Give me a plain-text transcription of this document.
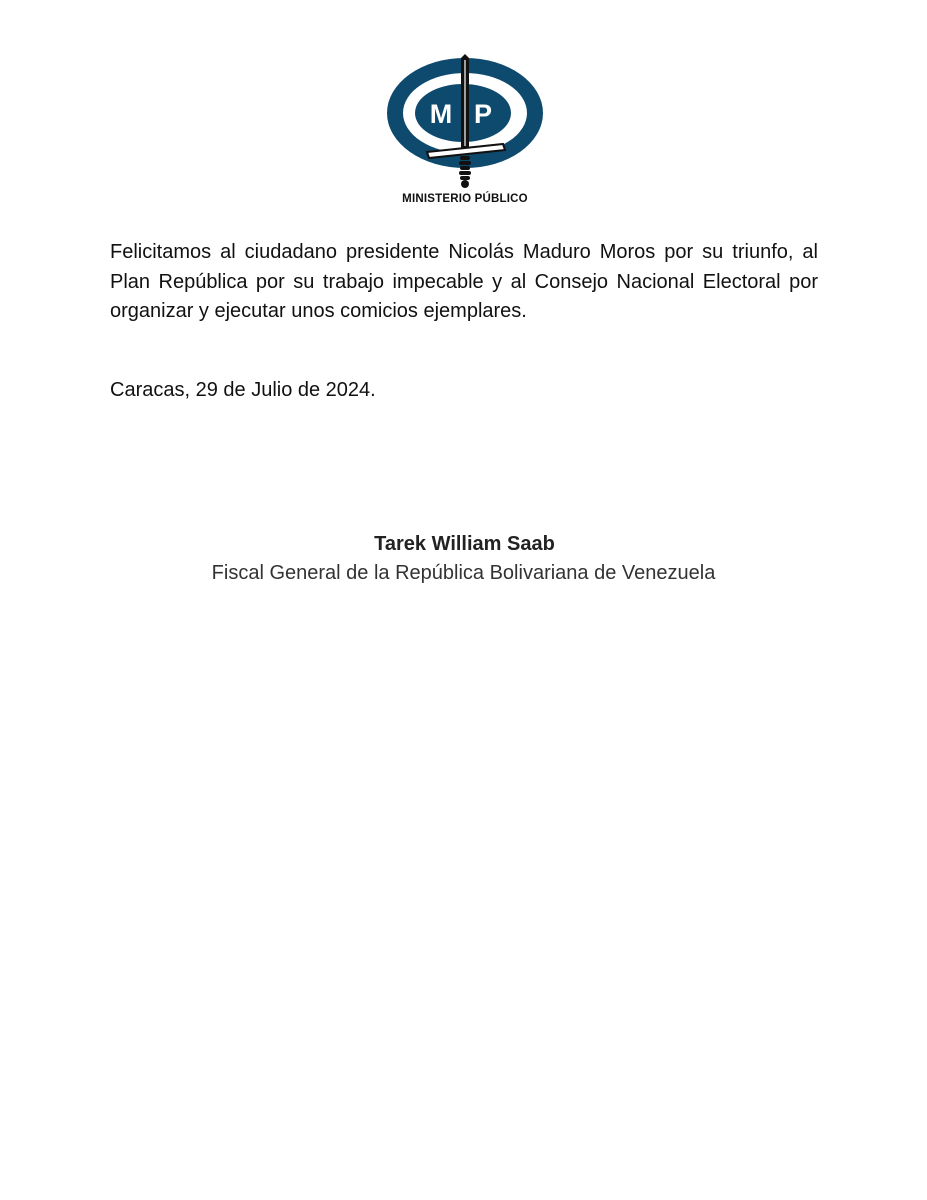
M P
MINISTERIO PÚBLICO

Felicitamos al ciudadano presidente Nicolás Maduro Moros por su triunfo, al Plan República por su trabajo impecable y al Consejo Nacional Electoral por organizar y ejecutar unos comicios ejemplares.

Caracas, 29 de Julio de 2024.
Tarek William Saab
Fiscal General de la República Bolivariana de Venezuela
